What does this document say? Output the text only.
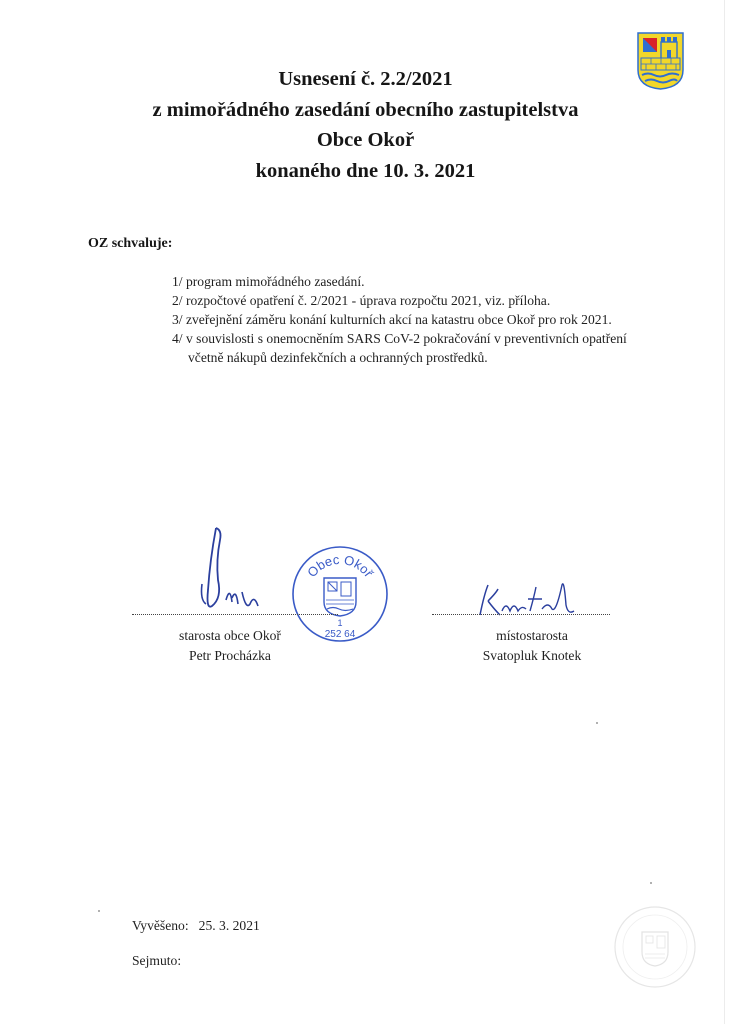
Usnesení č. 2.2/2021

z mimořádného zasedání obecního zastupitelstva

Obce Okoř

konaného dne 10. 3. 2021

OZ schvaluje:

1/ program mimořádného zasedání.

2/ rozpočtové opatření č. 2/2021 - úprava rozpočtu 2021, viz. příloha.

3/ zveřejnění záměru konání kulturních akcí na katastru obce Okoř pro rok 2021.

4/ v souvislosti s onemocněním SARS CoV-2 pokračování v preventivních opatření včetně nákupů dezinfekčních a ochranných prostředků.

Obec Okoř
1
252 64
starosta obce Okoř
Petr Procházka
místostarosta
Svatopluk Knotek
Vyvěšeno: 25. 3. 2021
Sejmuto:
